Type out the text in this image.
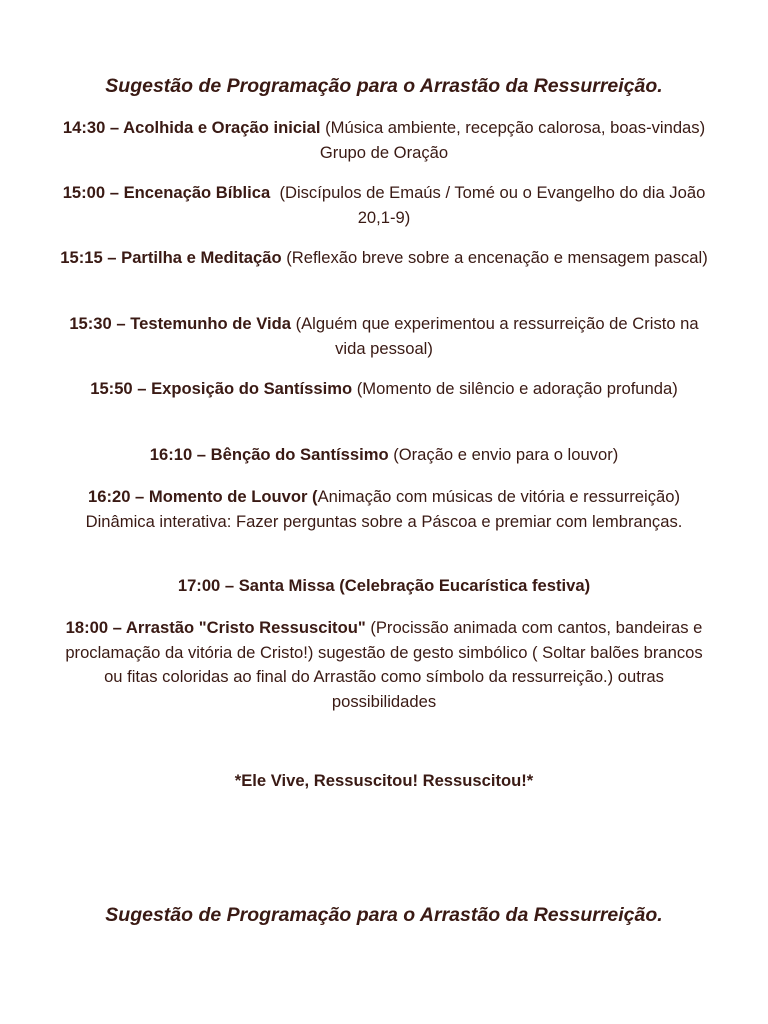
Sugestão de Programação para o Arrastão da Ressurreição.

14:30 – Acolhida e Oração inicial (Música ambiente, recepção calorosa, boas-vindas) Grupo de Oração

15:00 – Encenação Bíblica  (Discípulos de Emaús / Tomé ou o Evangelho do dia João 20,1-9)

15:15 – Partilha e Meditação (Reflexão breve sobre a encenação e mensagem pascal)

15:30 – Testemunho de Vida (Alguém que experimentou a ressurreição de Cristo na vida pessoal)

15:50 – Exposição do Santíssimo (Momento de silêncio e adoração profunda)

16:10 – Bênção do Santíssimo (Oração e envio para o louvor)

16:20 – Momento de Louvor (Animação com músicas de vitória e ressurreição) Dinâmica interativa: Fazer perguntas sobre a Páscoa e premiar com lembranças.

17:00 – Santa Missa (Celebração Eucarística festiva)

18:00 – Arrastão "Cristo Ressuscitou" (Procissão animada com cantos, bandeiras e proclamação da vitória de Cristo!) sugestão de gesto simbólico ( Soltar balões brancos ou fitas coloridas ao final do Arrastão como símbolo da ressurreição.) outras possibilidades

*Ele Vive, Ressuscitou! Ressuscitou!*

Sugestão de Programação para o Arrastão da Ressurreição.
